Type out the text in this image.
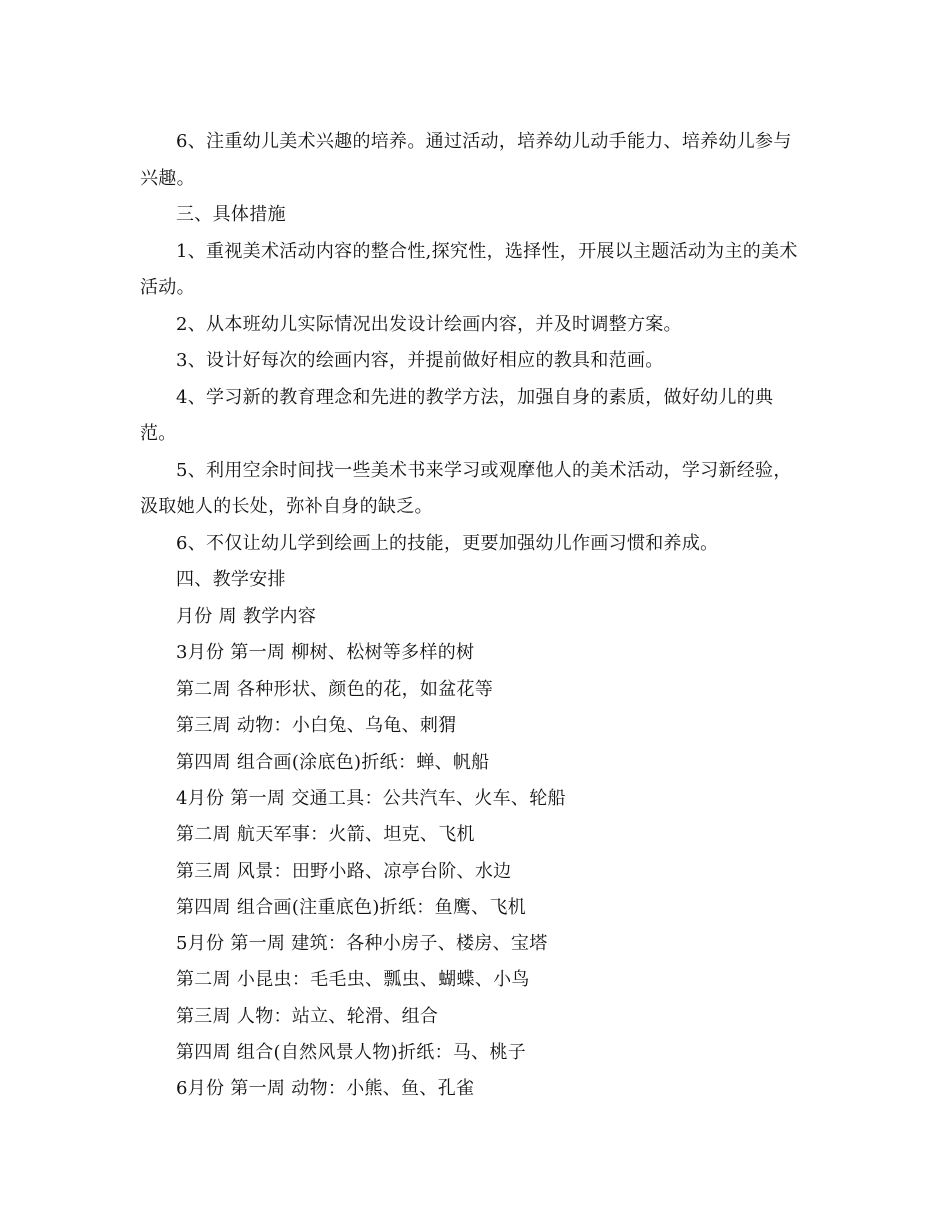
6、注重幼儿美术兴趣的培养。通过活动，培养幼儿动手能力、培养幼儿参与
兴趣。
三、具体措施
1、重视美术活动内容的整合性,探究性，选择性，开展以主题活动为主的美术
活动。
2、从本班幼儿实际情况出发设计绘画内容，并及时调整方案。
3、设计好每次的绘画内容，并提前做好相应的教具和范画。
4、学习新的教育理念和先进的教学方法，加强自身的素质，做好幼儿的典
范。
5、利用空余时间找一些美术书来学习或观摩他人的美术活动，学习新经验，
汲取她人的长处，弥补自身的缺乏。
6、不仅让幼儿学到绘画上的技能，更要加强幼儿作画习惯和养成。
四、教学安排
月份 周 教学内容
3月份 第一周 柳树、松树等多样的树
第二周 各种形状、颜色的花，如盆花等
第三周 动物：小白兔、乌龟、刺猬
第四周 组合画(涂底色)折纸：蝉、帆船
4月份 第一周 交通工具：公共汽车、火车、轮船
第二周 航天军事：火箭、坦克、飞机
第三周 风景：田野小路、凉亭台阶、水边
第四周 组合画(注重底色)折纸：鱼鹰、飞机
5月份 第一周 建筑：各种小房子、楼房、宝塔
第二周 小昆虫：毛毛虫、瓢虫、蝴蝶、小鸟
第三周 人物：站立、轮滑、组合
第四周 组合(自然风景人物)折纸：马、桃子
6月份 第一周 动物：小熊、鱼、孔雀
